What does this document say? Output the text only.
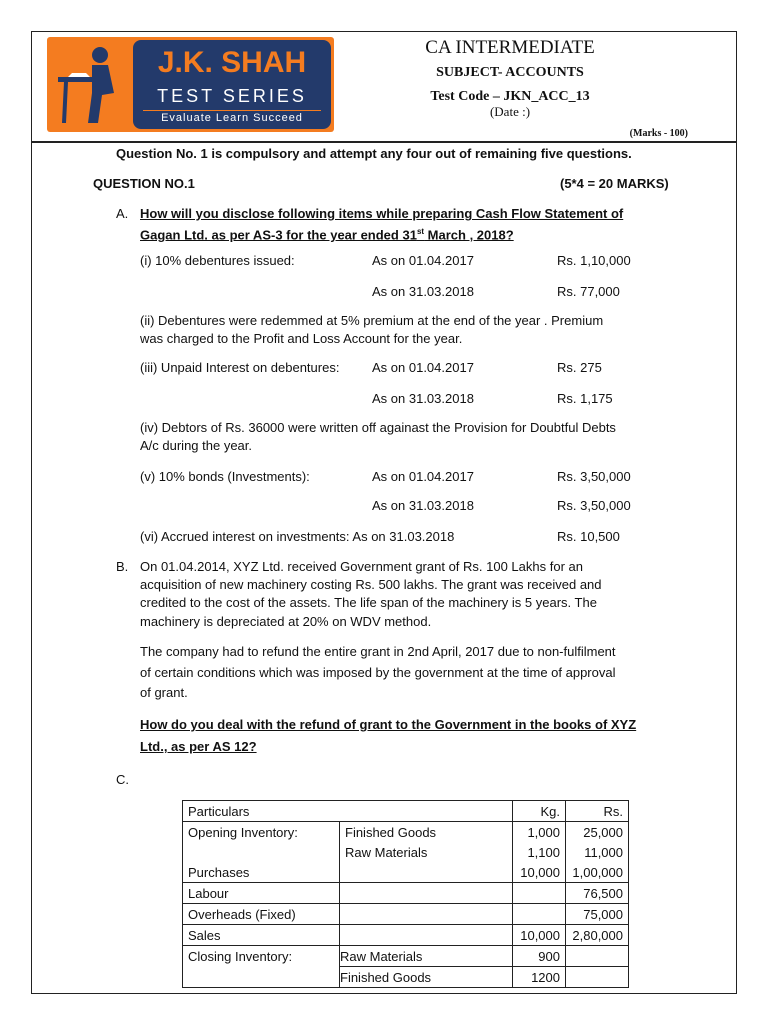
J.K. SHAH
TEST SERIES
Evaluate Learn Succeed
CA INTERMEDIATE
SUBJECT- ACCOUNTS
Test Code – JKN_ACC_13
(Date :)
(Marks - 100)
Question No. 1 is compulsory and attempt any four out of remaining five questions.
QUESTION NO.1	(5*4 = 20 MARKS)
A. How will you disclose following items while preparing Cash Flow Statement of
Gagan Ltd. as per AS-3 for the year ended 31st March , 2018?
(i) 10% debentures issued:	As on 01.04.2017	Rs. 1,10,000
As on 31.03.2018	Rs. 77,000
(ii) Debentures were redemmed at 5% premium at the end of the year . Premium
was charged to the Profit and Loss Account for the year.
(iii) Unpaid Interest on debentures:	As on 01.04.2017	Rs. 275
As on 31.03.2018	Rs. 1,175
(iv) Debtors of Rs. 36000 were written off againast the Provision for Doubtful Debts
A/c during the year.
(v) 10% bonds (Investments):	As on 01.04.2017	Rs. 3,50,000
As on 31.03.2018	Rs. 3,50,000
(vi) Accrued interest on investments: As on 31.03.2018	Rs. 10,500
B. On 01.04.2014, XYZ Ltd. received Government grant of Rs. 100 Lakhs for an
acquisition of new machinery costing Rs. 500 lakhs. The grant was received and
credited to the cost of the assets. The life span of the machinery is 5 years. The
machinery is depreciated at 20% on WDV method.
The company had to refund the entire grant in 2nd April, 2017 due to non-fulfilment
of certain conditions which was imposed by the government at the time of approval
of grant.
How do you deal with the refund of grant to the Government in the books of XYZ
Ltd., as per AS 12?
C.
Particulars		Kg.	Rs.
Opening Inventory:	Finished Goods	1,000	25,000
	Raw Materials	1,100	11,000
Purchases		10,000	1,00,000
Labour			76,500
Overheads (Fixed)			75,000
Sales		10,000	2,80,000
Closing Inventory:	Raw Materials	900	
	Finished Goods	1200	
